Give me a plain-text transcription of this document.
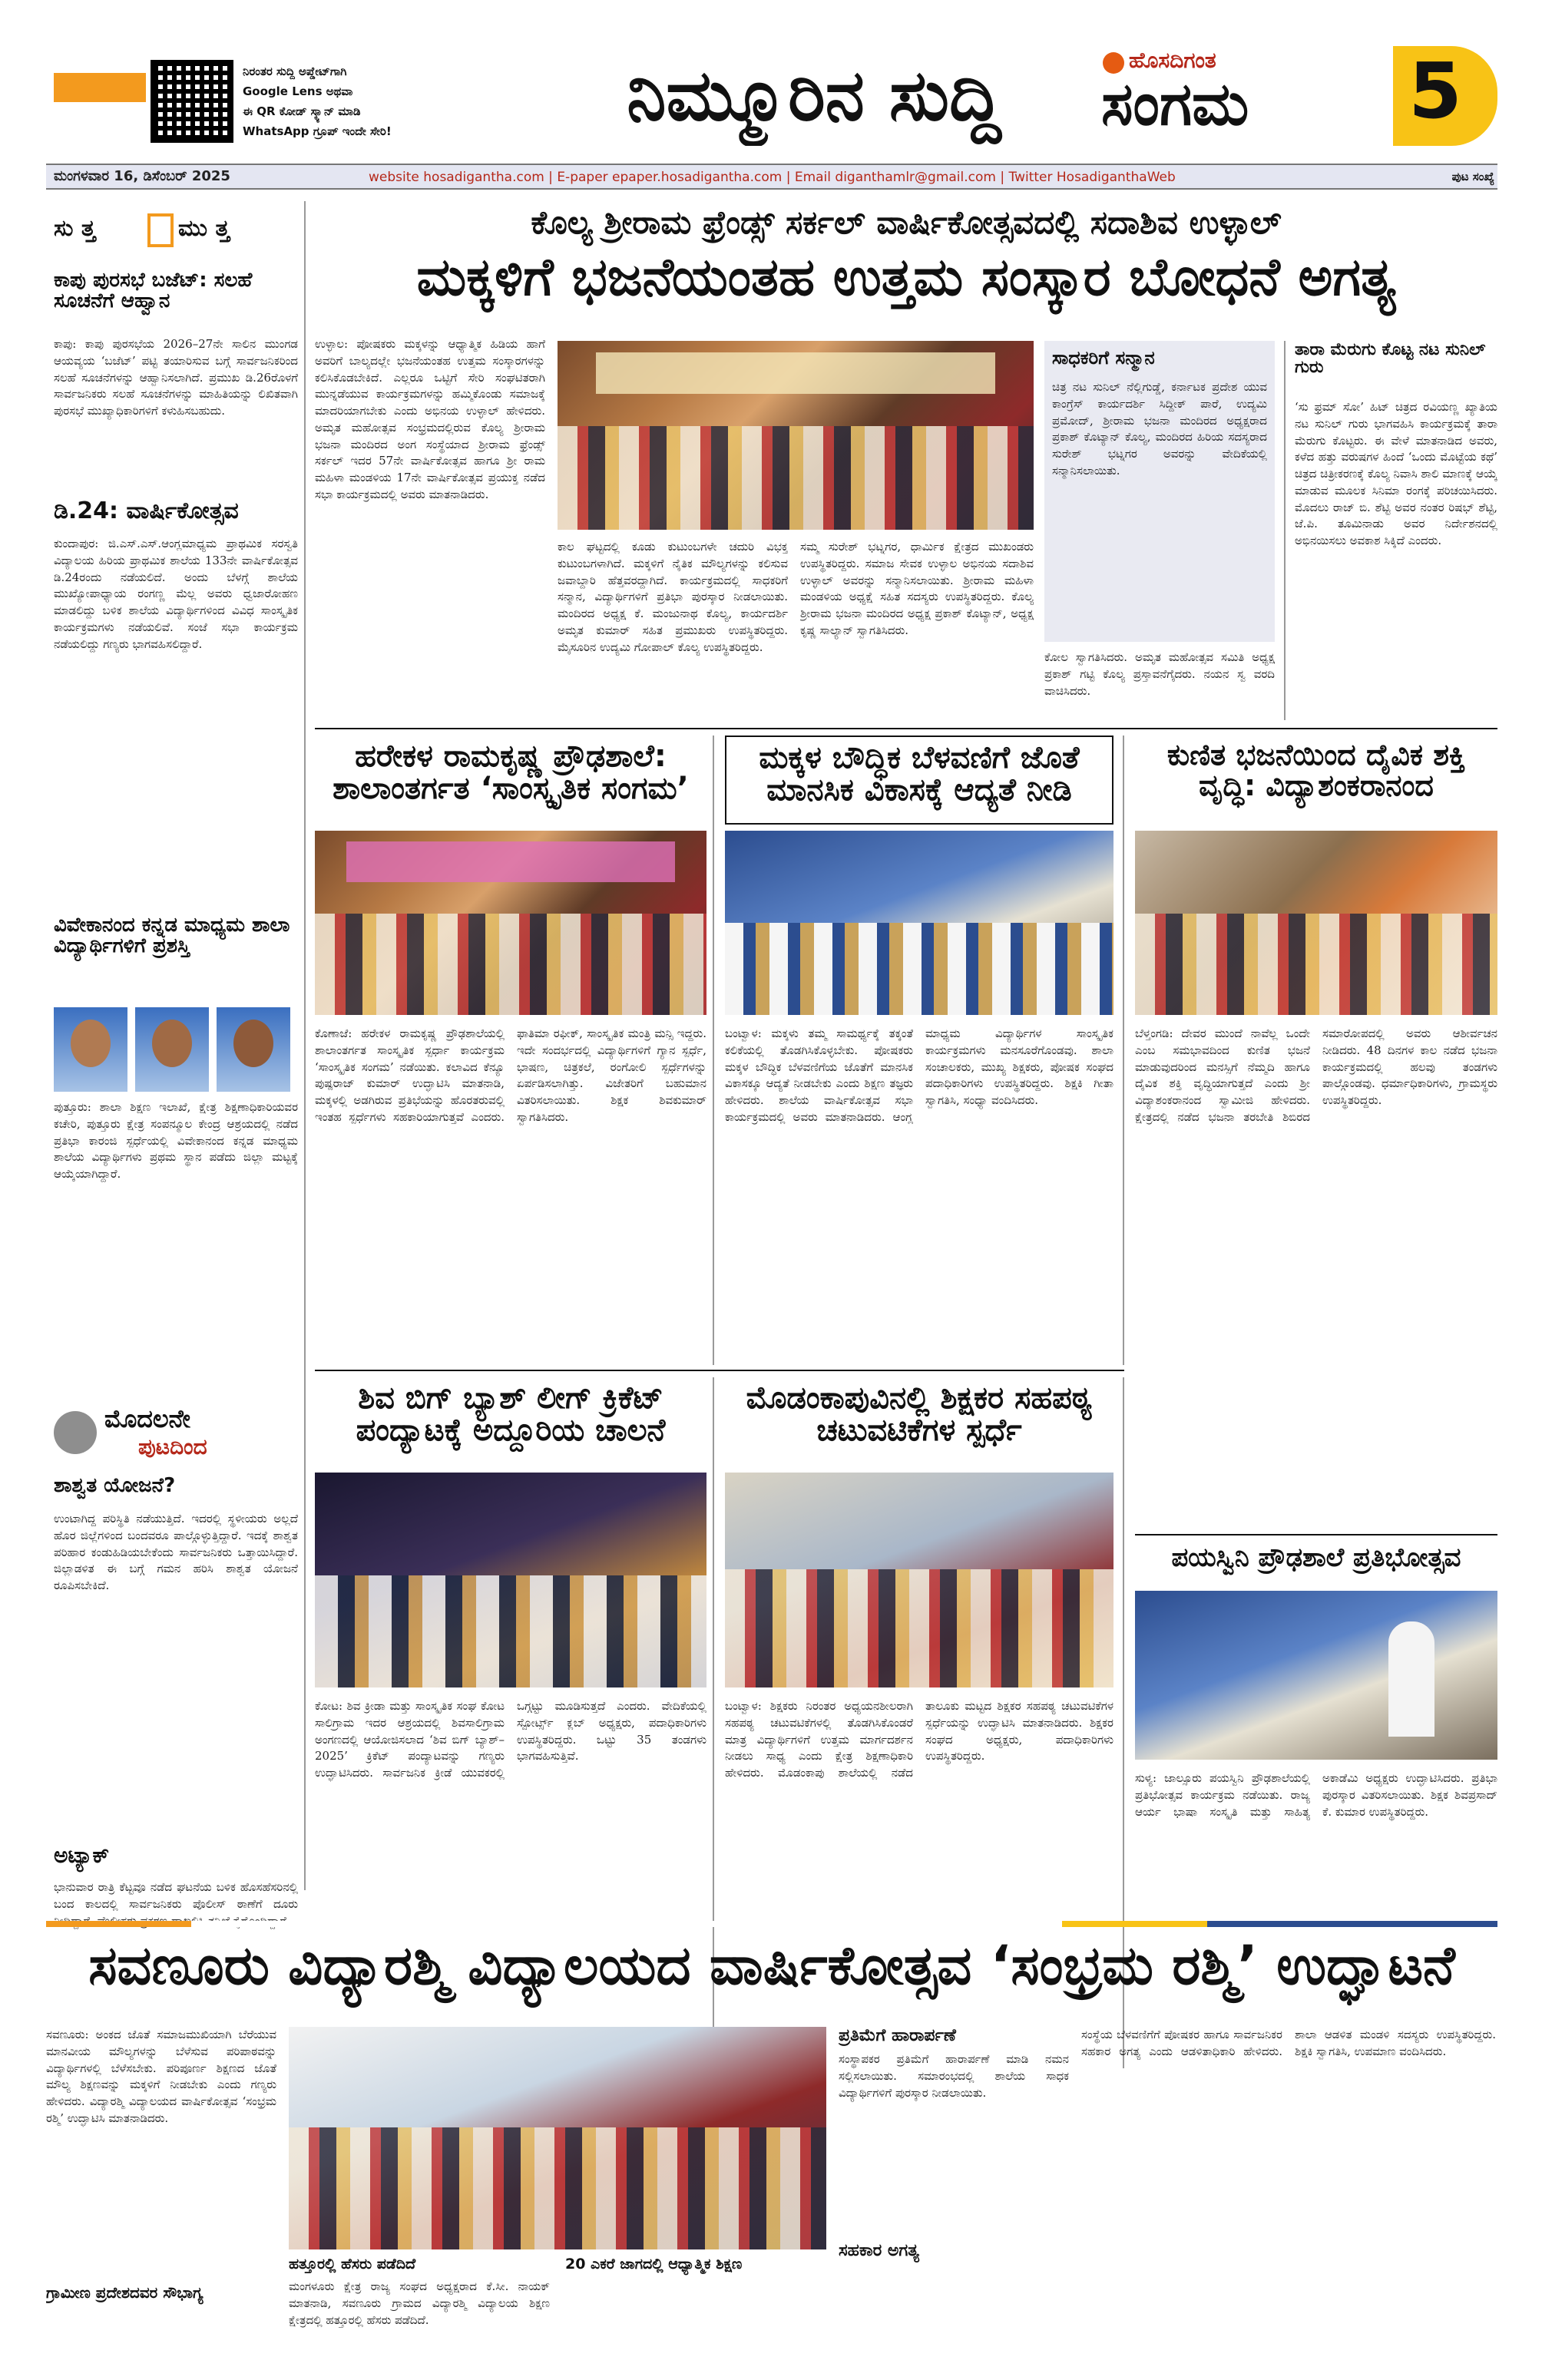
ನಿರಂತರ ಸುದ್ದಿ ಅಪ್ಡೇಟ್‌ಗಾಗಿ
Google Lens ಅಥವಾ
ಈ QR ಕೋಡ್ ಸ್ಕ್ಯಾನ್ ಮಾಡಿ
WhatsApp ಗ್ರೂಪ್ ಇಂದೇ ಸೇರಿ!	ನಿಮ್ಮೂರಿನ ಸುದ್ದಿ	ಹೊಸದಿಗಂತ
ಸಂಗಮ	5
ಮಂಗಳವಾರ 16, ಡಿಸೆಂಬರ್ 2025	website hosadigantha.com | E-paper epaper.hosadigantha.com | Email diganthamlr@gmail.com | Twitter HosadiganthaWeb	ಪುಟ ಸಂಖ್ಯೆ
ಸು ತ್ತ	ಮು ತ್ತ
ಕಾಪು ಪುರಸಭೆ ಬಜೆಟ್: ಸಲಹೆ ಸೂಚನೆಗೆ ಆಹ್ವಾನ
ಕಾಪು: ಕಾಪು ಪುರಸಭೆಯ 2026–27ನೇ ಸಾಲಿನ ಮುಂಗಡ ಆಯವ್ಯಯ ‘ಬಜೆಟ್’ ಪಟ್ಟಿ ತಯಾರಿಸುವ ಬಗ್ಗೆ ಸಾರ್ವಜನಿಕರಿಂದ ಸಲಹೆ ಸೂಚನೆಗಳನ್ನು ಆಹ್ವಾನಿಸಲಾಗಿದೆ. ಪ್ರಮುಖ ಡಿ.26ರೊಳಗೆ ಸಾರ್ವಜನಿಕರು ಸಲಹೆ ಸೂಚನೆಗಳನ್ನು ಮಾಹಿತಿಯನ್ನು ಲಿಖಿತವಾಗಿ ಪುರಸಭೆ ಮುಖ್ಯಾಧಿಕಾರಿಗಳಿಗೆ ಕಳುಹಿಸಬಹುದು.
ಡಿ.24: ವಾರ್ಷಿಕೋತ್ಸವ
ಕುಂದಾಪುರ: ಜಿ.ಎಸ್.ಎಸ್.ಆಂಗ್ಲಮಾಧ್ಯಮ ಪ್ರಾಥಮಿಕ ಸರಸ್ವತಿ ವಿದ್ಯಾಲಯ ಹಿರಿಯ ಪ್ರಾಥಮಿಕ ಶಾಲೆಯ 133ನೇ ವಾರ್ಷಿಕೋತ್ಸವ ಡಿ.24ರಂದು ನಡೆಯಲಿದೆ. ಅಂದು ಬೆಳಗ್ಗೆ ಶಾಲೆಯ ಮುಖ್ಯೋಪಾಧ್ಯಾಯ ರಂಗಣ್ಣ ಮೆಲ್ಲ ಅವರು ಧ್ವಜಾರೋಹಣ ಮಾಡಲಿದ್ದು ಬಳಿಕ ಶಾಲೆಯ ವಿದ್ಯಾರ್ಥಿಗಳಿಂದ ವಿವಿಧ ಸಾಂಸ್ಕೃತಿಕ ಕಾರ್ಯಕ್ರಮಗಳು ನಡೆಯಲಿವೆ. ಸಂಜೆ ಸಭಾ ಕಾರ್ಯಕ್ರಮ ನಡೆಯಲಿದ್ದು ಗಣ್ಯರು ಭಾಗವಹಿಸಲಿದ್ದಾರೆ.
ವಿವೇಕಾನಂದ ಕನ್ನಡ ಮಾಧ್ಯಮ ಶಾಲಾ ವಿದ್ಯಾರ್ಥಿಗಳಿಗೆ ಪ್ರಶಸ್ತಿ
ಪುತ್ತೂರು: ಶಾಲಾ ಶಿಕ್ಷಣ ಇಲಾಖೆ, ಕ್ಷೇತ್ರ ಶಿಕ್ಷಣಾಧಿಕಾರಿಯವರ ಕಚೇರಿ, ಪುತ್ತೂರು ಕ್ಷೇತ್ರ ಸಂಪನ್ಮೂಲ ಕೇಂದ್ರ ಆಶ್ರಯದಲ್ಲಿ ನಡೆದ ಪ್ರತಿಭಾ ಕಾರಂಜಿ ಸ್ಪರ್ಧೆಯಲ್ಲಿ ವಿವೇಕಾನಂದ ಕನ್ನಡ ಮಾಧ್ಯಮ ಶಾಲೆಯ ವಿದ್ಯಾರ್ಥಿಗಳು ಪ್ರಥಮ ಸ್ಥಾನ ಪಡೆದು ಜಿಲ್ಲಾ ಮಟ್ಟಕ್ಕೆ ಆಯ್ಕೆಯಾಗಿದ್ದಾರೆ.
ಮೊದಲನೇ
ಪುಟದಿಂದ
ಶಾಶ್ವತ ಯೋಜನೆ?
ಉಂಟಾಗಿದ್ದ ಪರಿಸ್ಥಿತಿ ನಡೆಯುತ್ತಿದೆ. ಇದರಲ್ಲಿ ಸ್ಥಳೀಯರು ಅಲ್ಲದೆ ಹೊರ ಜಿಲ್ಲೆಗಳಿಂದ ಬಂದವರೂ ಪಾಲ್ಗೊಳ್ಳುತ್ತಿದ್ದಾರೆ. ಇದಕ್ಕೆ ಶಾಶ್ವತ ಪರಿಹಾರ ಕಂಡುಹಿಡಿಯಬೇಕೆಂದು ಸಾರ್ವಜನಿಕರು ಒತ್ತಾಯಿಸಿದ್ದಾರೆ. ಜಿಲ್ಲಾಡಳಿತ ಈ ಬಗ್ಗೆ ಗಮನ ಹರಿಸಿ ಶಾಶ್ವತ ಯೋಜನೆ ರೂಪಿಸಬೇಕಿದೆ.
ಅಟ್ಯಾಕ್
ಭಾನುವಾರ ರಾತ್ರಿ ಕೆಟ್ಟವೂ ನಡೆದ ಘಟನೆಯ ಬಳಿಕ ಹೊಸಹೆಸರಿನಲ್ಲಿ ಬಂದ ಕಾಲದಲ್ಲಿ ಸಾರ್ವಜನಿಕರು ಪೊಲೀಸ್ ಠಾಣೆಗೆ ದೂರು
ಕೊಲ್ಯ ಶ್ರೀರಾಮ ಫ್ರೆಂಡ್ಸ್ ಸರ್ಕಲ್ ವಾರ್ಷಿಕೋತ್ಸವದಲ್ಲಿ ಸದಾಶಿವ ಉಳ್ಳಾಲ್
ಮಕ್ಕಳಿಗೆ ಭಜನೆಯಂತಹ ಉತ್ತಮ ಸಂಸ್ಕಾರ ಬೋಧನೆ ಅಗತ್ಯ
ಉಳ್ಳಾಲ: ಪೋಷಕರು ಮಕ್ಕಳನ್ನು ಆಧ್ಯಾತ್ಮಿಕ ಹಿಡಿಯ ಹಾಗೆ ಅವರಿಗೆ ಬಾಲ್ಯದಲ್ಲೇ ಭಜನೆಯಂತಹ ಉತ್ತಮ ಸಂಸ್ಕಾರಗಳನ್ನು ಕಲಿಸಿಕೊಡಬೇಕಿದೆ. ಎಲ್ಲರೂ ಒಟ್ಟಿಗೆ ಸೇರಿ ಸಂಘಟಿತರಾಗಿ ಮುನ್ನಡೆಯುವ ಕಾರ್ಯಕ್ರಮಗಳನ್ನು ಹಮ್ಮಿಕೊಂಡು ಸಮಾಜಕ್ಕೆ ಮಾದರಿಯಾಗಬೇಕು ಎಂದು ಅಭಿನಯ ಉಳ್ಳಾಲ್ ಹೇಳಿದರು. ಅಮೃತ ಮಹೋತ್ಸವ ಸಂಭ್ರಮದಲ್ಲಿರುವ ಕೊಲ್ಯ ಶ್ರೀರಾಮ ಭಜನಾ ಮಂದಿರದ ಅಂಗ ಸಂಸ್ಥೆಯಾದ ಶ್ರೀರಾಮ ಫ್ರೆಂಡ್ಸ್ ಸರ್ಕಲ್ ಇದರ 57ನೇ ವಾರ್ಷಿಕೋತ್ಸವ ಹಾಗೂ ಶ್ರೀ ರಾಮ ಮಹಿಳಾ ಮಂಡಳಿಯ 17ನೇ ವಾರ್ಷಿಕೋತ್ಸವ ಪ್ರಯುಕ್ತ ನಡೆದ ಸಭಾ ಕಾರ್ಯಕ್ರಮದಲ್ಲಿ ಅವರು ಮಾತನಾಡಿದರು.
ಕಾಲ ಘಟ್ಟದಲ್ಲಿ ಕೂಡು ಕುಟುಂಬಗಳೇ ಚದುರಿ ವಿಭಕ್ತ ಕುಟುಂಬಗಳಾಗಿದೆ. ಮಕ್ಕಳಿಗೆ ನೈತಿಕ ಮೌಲ್ಯಗಳನ್ನು ಕಲಿಸುವ ಜವಾಬ್ದಾರಿ ಹೆತ್ತವರದ್ದಾಗಿದೆ. ಕಾರ್ಯಕ್ರಮದಲ್ಲಿ ಸಾಧಕರಿಗೆ ಸನ್ಮಾನ, ವಿದ್ಯಾರ್ಥಿಗಳಿಗೆ ಪ್ರತಿಭಾ ಪುರಸ್ಕಾರ ನೀಡಲಾಯಿತು. ಮಂದಿರದ ಅಧ್ಯಕ್ಷ ಕೆ. ಮಂಜುನಾಥ ಕೊಲ್ಯ, ಕಾರ್ಯದರ್ಶಿ ಅಮೃತ ಕುಮಾರ್ ಸಹಿತ ಪ್ರಮುಖರು ಉಪಸ್ಥಿತರಿದ್ದರು. ಮೈಸೂರಿನ ಉದ್ಯಮಿ ಗೋಪಾಲ್ ಕೊಲ್ಯ ಉಪಸ್ಥಿತರಿದ್ದರು.
ಸಮ್ಮ ಸುರೇಶ್ ಭಟ್ನಗರ, ಧಾರ್ಮಿಕ ಕ್ಷೇತ್ರದ ಮುಖಂಡರು ಉಪಸ್ಥಿತರಿದ್ದರು. ಸಮಾಜ ಸೇವಕ ಉಳ್ಳಾಲ ಅಭಿನಯ ಸದಾಶಿವ ಉಳ್ಳಾಲ್ ಅವರನ್ನು ಸನ್ಮಾನಿಸಲಾಯಿತು. ಶ್ರೀರಾಮ ಮಹಿಳಾ ಮಂಡಳಿಯ ಅಧ್ಯಕ್ಷೆ ಸಹಿತ ಸದಸ್ಯರು ಉಪಸ್ಥಿತರಿದ್ದರು. ಕೊಲ್ಯ ಶ್ರೀರಾಮ ಭಜನಾ ಮಂದಿರದ ಅಧ್ಯಕ್ಷ ಪ್ರಕಾಶ್ ಕೊಟ್ಯಾನ್, ಅಧ್ಯಕ್ಷ ಕೃಷ್ಣ ಸಾಲ್ಯಾನ್ ಸ್ವಾಗತಿಸಿದರು.
ಸಾಧಕರಿಗೆ ಸನ್ಮಾನ
ಚಿತ್ರ ನಟ ಸುನಿಲ್ ನೆಲ್ಲಿಗುಡ್ಡೆ, ಕರ್ನಾಟಕ ಪ್ರದೇಶ ಯುವ ಕಾಂಗ್ರೆಸ್ ಕಾರ್ಯದರ್ಶಿ ಸಿದ್ದೀಕ್ ಪಾರೆ, ಉದ್ಯಮಿ ಪ್ರಮೋದ್, ಶ್ರೀರಾಮ ಭಜನಾ ಮಂದಿರದ ಅಧ್ಯಕ್ಷರಾದ ಪ್ರಕಾಶ್ ಕೊಟ್ಯಾನ್ ಕೊಲ್ಯ, ಮಂದಿರದ ಹಿರಿಯ ಸದಸ್ಯರಾದ ಸುರೇಶ್ ಭಟ್ನಗರ ಅವರನ್ನು ವೇದಿಕೆಯಲ್ಲಿ ಸನ್ಮಾನಿಸಲಾಯಿತು.
ಕೋಲ ಸ್ವಾಗತಿಸಿದರು. ಅಮೃತ ಮಹೋತ್ಸವ ಸಮಿತಿ ಅಧ್ಯಕ್ಷ ಪ್ರಕಾಶ್ ಗಟ್ಟಿ ಕೊಲ್ಯ ಪ್ರಸ್ತಾವನೆಗೈದರು. ನಯನ ಸ್ವ ವರದಿ ವಾಚಿಸಿದರು.
ತಾರಾ ಮೆರುಗು ಕೊಟ್ಟ ನಟ ಸುನಿಲ್ ಗುರು
‘ಸು ಫ್ರಮ್ ಸೋ’ ಹಿಟ್ ಚಿತ್ರದ ರವಿಯಣ್ಣ ಖ್ಯಾತಿಯ ನಟ ಸುನಿಲ್ ಗುರು ಭಾಗವಹಿಸಿ ಕಾರ್ಯಕ್ರಮಕ್ಕೆ ತಾರಾ ಮೆರುಗು ಕೊಟ್ಟರು. ಈ ವೇಳೆ ಮಾತನಾಡಿದ ಅವರು, ಕಳೆದ ಹತ್ತು ವರುಷಗಳ ಹಿಂದೆ ‘ಒಂದು ಮೊಟ್ಟೆಯ ಕಥೆ’ ಚಿತ್ರದ ಚಿತ್ರೀಕರಣಕ್ಕೆ ಕೊಲ್ಯ ನಿವಾಸಿ ಶಾಲಿ ಮಾಣಕ್ಕೆ ಆಯ್ಕೆ ಮಾಡುವ ಮೂಲಕ ಸಿನಿಮಾ ರಂಗಕ್ಕೆ ಪರಿಚಯಿಸಿದರು. ಮೊದಲು ರಾಜ್ ಬಿ. ಶೆಟ್ಟಿ ಅವರ ನಂತರ ರಿಷಭ್ ಶೆಟ್ಟಿ, ಜೆ.ಪಿ. ತೂಮಿನಾಡು ಅವರ ನಿರ್ದೇಶನದಲ್ಲಿ ಅಭಿನಯಿಸಲು ಅವಕಾಶ ಸಿಕ್ಕಿದೆ ಎಂದರು.
ಹರೇಕಳ ರಾಮಕೃಷ್ಣ ಪ್ರೌಢಶಾಲೆ: ಶಾಲಾಂತರ್ಗತ ‘ಸಾಂಸ್ಕೃತಿಕ ಸಂಗಮ’
ಕೊಣಾಜೆ: ಹರೇಕಳ ರಾಮಕೃಷ್ಣ ಪ್ರೌಢಶಾಲೆಯಲ್ಲಿ ಶಾಲಾಂತರ್ಗತ ಸಾಂಸ್ಕೃತಿಕ ಸ್ಪರ್ಧಾ ಕಾರ್ಯಕ್ರಮ ‘ಸಾಂಸ್ಕೃತಿಕ ಸಂಗಮ’ ನಡೆಯಿತು. ಕಲಾವಿದ ಕೆನ್ಯೂ ಪುಷ್ಪರಾಜ್ ಕುಮಾರ್ ಉದ್ಘಾಟಿಸಿ ಮಾತನಾಡಿ, ಮಕ್ಕಳಲ್ಲಿ ಅಡಗಿರುವ ಪ್ರತಿಭೆಯನ್ನು ಹೊರತರುವಲ್ಲಿ ಇಂತಹ ಸ್ಪರ್ಧೆಗಳು ಸಹಕಾರಿಯಾಗುತ್ತವೆ ಎಂದರು. ಫಾತಿಮಾ ರಫೀಕ್, ಸಾಂಸ್ಕೃತಿಕ ಮಂತ್ರಿ ಮನ್ಸಿ ಇದ್ದರು. ಇದೇ ಸಂದರ್ಭದಲ್ಲಿ ವಿದ್ಯಾರ್ಥಿಗಳಿಗೆ ಗ್ಯಾನ ಸ್ಪರ್ಧೆ, ಭಾಷಣ, ಚಿತ್ರಕಲೆ, ರಂಗೋಲಿ ಸ್ಪರ್ಧೆಗಳನ್ನು ಏರ್ಪಡಿಸಲಾಗಿತ್ತು. ವಿಜೇತರಿಗೆ ಬಹುಮಾನ ವಿತರಿಸಲಾಯಿತು. ಶಿಕ್ಷಕ ಶಿವಕುಮಾರ್ ಸ್ವಾಗತಿಸಿದರು.
ಮಕ್ಕಳ ಬೌದ್ಧಿಕ ಬೆಳವಣಿಗೆ ಜೊತೆ ಮಾನಸಿಕ ವಿಕಾಸಕ್ಕೆ ಆದ್ಯತೆ ನೀಡಿ
ಬಂಟ್ವಾಳ: ಮಕ್ಕಳು ತಮ್ಮ ಸಾಮರ್ಥ್ಯಕ್ಕೆ ತಕ್ಕಂತೆ ಕಲಿಕೆಯಲ್ಲಿ ತೊಡಗಿಸಿಕೊಳ್ಳಬೇಕು. ಪೋಷಕರು ಮಕ್ಕಳ ಬೌದ್ಧಿಕ ಬೆಳವಣಿಗೆಯ ಜೊತೆಗೆ ಮಾನಸಿಕ ವಿಕಾಸಕ್ಕೂ ಆದ್ಯತೆ ನೀಡಬೇಕು ಎಂದು ಶಿಕ್ಷಣ ತಜ್ಞರು ಹೇಳಿದರು. ಶಾಲೆಯ ವಾರ್ಷಿಕೋತ್ಸವ ಸಭಾ ಕಾರ್ಯಕ್ರಮದಲ್ಲಿ ಅವರು ಮಾತನಾಡಿದರು. ಆಂಗ್ಲ ಮಾಧ್ಯಮ ವಿದ್ಯಾರ್ಥಿಗಳ ಸಾಂಸ್ಕೃತಿಕ ಕಾರ್ಯಕ್ರಮಗಳು ಮನಸೂರೆಗೊಂಡವು. ಶಾಲಾ ಸಂಚಾಲಕರು, ಮುಖ್ಯ ಶಿಕ್ಷಕರು, ಪೋಷಕ ಸಂಘದ ಪದಾಧಿಕಾರಿಗಳು ಉಪಸ್ಥಿತರಿದ್ದರು. ಶಿಕ್ಷಕಿ ಗೀತಾ ಸ್ವಾಗತಿಸಿ, ಸಂಧ್ಯಾ ವಂದಿಸಿದರು.
ಕುಣಿತ ಭಜನೆಯಿಂದ ದೈವಿಕ ಶಕ್ತಿ ವೃದ್ಧಿ: ವಿದ್ಯಾಶಂಕರಾನಂದ
ಬೆಳ್ತಂಗಡಿ: ದೇವರ ಮುಂದೆ ನಾವೆಲ್ಲ ಒಂದೇ ಎಂಬ ಸಮಭಾವದಿಂದ ಕುಣಿತ ಭಜನೆ ಮಾಡುವುದರಿಂದ ಮನಸ್ಸಿಗೆ ನೆಮ್ಮದಿ ಹಾಗೂ ದೈವಿಕ ಶಕ್ತಿ ವೃದ್ಧಿಯಾಗುತ್ತದೆ ಎಂದು ಶ್ರೀ ವಿದ್ಯಾಶಂಕರಾನಂದ ಸ್ವಾಮೀಜಿ ಹೇಳಿದರು. ಕ್ಷೇತ್ರದಲ್ಲಿ ನಡೆದ ಭಜನಾ ತರಬೇತಿ ಶಿಬಿರದ ಸಮಾರೋಪದಲ್ಲಿ ಅವರು ಆಶೀರ್ವಚನ ನೀಡಿದರು. 48 ದಿನಗಳ ಕಾಲ ನಡೆದ ಭಜನಾ ಕಾರ್ಯಕ್ರಮದಲ್ಲಿ ಹಲವು ತಂಡಗಳು ಪಾಲ್ಗೊಂಡವು. ಧರ್ಮಾಧಿಕಾರಿಗಳು, ಗ್ರಾಮಸ್ಥರು ಉಪಸ್ಥಿತರಿದ್ದರು.
ಶಿವ ಬಿಗ್ ಬ್ಯಾಶ್ ಲೀಗ್ ಕ್ರಿಕೆಟ್ ಪಂದ್ಯಾಟಕ್ಕೆ ಅದ್ದೂರಿಯ ಚಾಲನೆ
ಕೋಟ: ಶಿವ ಕ್ರೀಡಾ ಮತ್ತು ಸಾಂಸ್ಕೃತಿಕ ಸಂಘ ಕೋಟ ಸಾಲಿಗ್ರಾಮ ಇದರ ಆಶ್ರಯದಲ್ಲಿ ಶಿವಸಾಲಿಗ್ರಾಮ ಅಂಗಣದಲ್ಲಿ ಆಯೋಜಿಸಲಾದ ‘ಶಿವ ಬಿಗ್ ಬ್ಯಾಶ್–2025’ ಕ್ರಿಕೆಟ್ ಪಂದ್ಯಾಟವನ್ನು ಗಣ್ಯರು ಉದ್ಘಾಟಿಸಿದರು. ಸಾರ್ವಜನಿಕ ಕ್ರೀಡೆ ಯುವಕರಲ್ಲಿ ಒಗ್ಗಟ್ಟು ಮೂಡಿಸುತ್ತದೆ ಎಂದರು. ವೇದಿಕೆಯಲ್ಲಿ ಸ್ಪೋರ್ಟ್ಸ್ ಕ್ಲಬ್ ಅಧ್ಯಕ್ಷರು, ಪದಾಧಿಕಾರಿಗಳು ಉಪಸ್ಥಿತರಿದ್ದರು. ಒಟ್ಟು 35 ತಂಡಗಳು ಭಾಗವಹಿಸುತ್ತಿವೆ.
ಮೊಡಂಕಾಪುವಿನಲ್ಲಿ ಶಿಕ್ಷಕರ ಸಹಪಠ್ಯ ಚಟುವಟಿಕೆಗಳ ಸ್ಪರ್ಧೆ
ಬಂಟ್ವಾಳ: ಶಿಕ್ಷಕರು ನಿರಂತರ ಅಧ್ಯಯನಶೀಲರಾಗಿ ಸಹಪಠ್ಯ ಚಟುವಟಿಕೆಗಳಲ್ಲಿ ತೊಡಗಿಸಿಕೊಂಡರೆ ಮಾತ್ರ ವಿದ್ಯಾರ್ಥಿಗಳಿಗೆ ಉತ್ತಮ ಮಾರ್ಗದರ್ಶನ ನೀಡಲು ಸಾಧ್ಯ ಎಂದು ಕ್ಷೇತ್ರ ಶಿಕ್ಷಣಾಧಿಕಾರಿ ಹೇಳಿದರು. ಮೊಡಂಕಾಪು ಶಾಲೆಯಲ್ಲಿ ನಡೆದ ತಾಲೂಕು ಮಟ್ಟದ ಶಿಕ್ಷಕರ ಸಹಪಠ್ಯ ಚಟುವಟಿಕೆಗಳ ಸ್ಪರ್ಧೆಯನ್ನು ಉದ್ಘಾಟಿಸಿ ಮಾತನಾಡಿದರು. ಶಿಕ್ಷಕರ ಸಂಘದ ಅಧ್ಯಕ್ಷರು, ಪದಾಧಿಕಾರಿಗಳು ಉಪಸ್ಥಿತರಿದ್ದರು.
ಪಯಸ್ವಿನಿ ಪ್ರೌಢಶಾಲೆ ಪ್ರತಿಭೋತ್ಸವ
ಸುಳ್ಯ: ಜಾಲ್ಸೂರು ಪಯಸ್ವಿನಿ ಪ್ರೌಢಶಾಲೆಯಲ್ಲಿ ಪ್ರತಿಭೋತ್ಸವ ಕಾರ್ಯಕ್ರಮ ನಡೆಯಿತು. ರಾಜ್ಯ ಆರ್ಯ ಭಾಷಾ ಸಂಸ್ಕೃತಿ ಮತ್ತು ಸಾಹಿತ್ಯ ಅಕಾಡೆಮಿ ಅಧ್ಯಕ್ಷರು ಉದ್ಘಾಟಿಸಿದರು. ಪ್ರತಿಭಾ ಪುರಸ್ಕಾರ ವಿತರಿಸಲಾಯಿತು. ಶಿಕ್ಷಕ ಶಿವಪ್ರಸಾದ್ ಕೆ. ಕುಮಾರ ಉಪಸ್ಥಿತರಿದ್ದರು.
ಸವಣೂರು ವಿದ್ಯಾರಶ್ಮಿ ವಿದ್ಯಾಲಯದ ವಾರ್ಷಿಕೋತ್ಸವ ‘ಸಂಭ್ರಮ ರಶ್ಮಿ’ ಉದ್ಘಾಟನೆ
ಸವಣೂರು: ಅಂಕದ ಜೊತೆ ಸಮಾಜಮುಖಿಯಾಗಿ ಬೆರೆಯುವ ಮಾನವೀಯ ಮೌಲ್ಯಗಳನ್ನು ಬೆಳೆಸುವ ಪರಿಪಾಠವನ್ನು ವಿದ್ಯಾರ್ಥಿಗಳಲ್ಲಿ ಬೆಳೆಸಬೇಕು. ಪರಿಪೂರ್ಣ ಶಿಕ್ಷಣದ ಜೊತೆ ಮೌಲ್ಯ ಶಿಕ್ಷಣವನ್ನು ಮಕ್ಕಳಿಗೆ ನೀಡಬೇಕು ಎಂದು ಗಣ್ಯರು ಹೇಳಿದರು. ವಿದ್ಯಾರಶ್ಮಿ ವಿದ್ಯಾಲಯದ ವಾರ್ಷಿಕೋತ್ಸವ ‘ಸಂಭ್ರಮ ರಶ್ಮಿ’ ಉದ್ಘಾಟಿಸಿ ಮಾತನಾಡಿದರು.
ಗ್ರಾಮೀಣ ಪ್ರದೇಶದವರ ಸೌಭಾಗ್ಯ
ಹತ್ತೂರಲ್ಲಿ ಹೆಸರು ಪಡೆದಿದೆ
ಮಂಗಳೂರು ಕ್ಷೇತ್ರ ರಾಜ್ಯ ಸಂಘದ ಅಧ್ಯಕ್ಷರಾದ ಕೆ.ಸೀ. ನಾಯಕ್ ಮಾತನಾಡಿ, ಸವಣೂರು ಗ್ರಾಮದ ವಿದ್ಯಾರಶ್ಮಿ ವಿದ್ಯಾಲಯ ಶಿಕ್ಷಣ ಕ್ಷೇತ್ರದಲ್ಲಿ ಹತ್ತೂರಲ್ಲಿ ಹೆಸರು ಪಡೆದಿದೆ.
20 ಎಕರೆ ಜಾಗದಲ್ಲಿ ಆಧ್ಯಾತ್ಮಿಕ ಶಿಕ್ಷಣ
ಪ್ರತಿಮೆಗೆ ಹಾರಾರ್ಪಣೆ
ಸಂಸ್ಥಾಪಕರ ಪ್ರತಿಮೆಗೆ ಹಾರಾರ್ಪಣೆ ಮಾಡಿ ನಮನ ಸಲ್ಲಿಸಲಾಯಿತು. ಸಮಾರಂಭದಲ್ಲಿ ಶಾಲೆಯ ಸಾಧಕ ವಿದ್ಯಾರ್ಥಿಗಳಿಗೆ ಪುರಸ್ಕಾರ ನೀಡಲಾಯಿತು.
ಸಹಕಾರ ಅಗತ್ಯ
ಸಂಸ್ಥೆಯ ಬೆಳವಣಿಗೆಗೆ ಪೋಷಕರ ಹಾಗೂ ಸಾರ್ವಜನಿಕರ ಸಹಕಾರ ಅಗತ್ಯ ಎಂದು ಆಡಳಿತಾಧಿಕಾರಿ ಹೇಳಿದರು. ಶಾಲಾ ಆಡಳಿತ ಮಂಡಳಿ ಸದಸ್ಯರು ಉಪಸ್ಥಿತರಿದ್ದರು. ಶಿಕ್ಷಕಿ ಸ್ವಾಗತಿಸಿ, ಉಪಮಾಣ ವಂದಿಸಿದರು.
